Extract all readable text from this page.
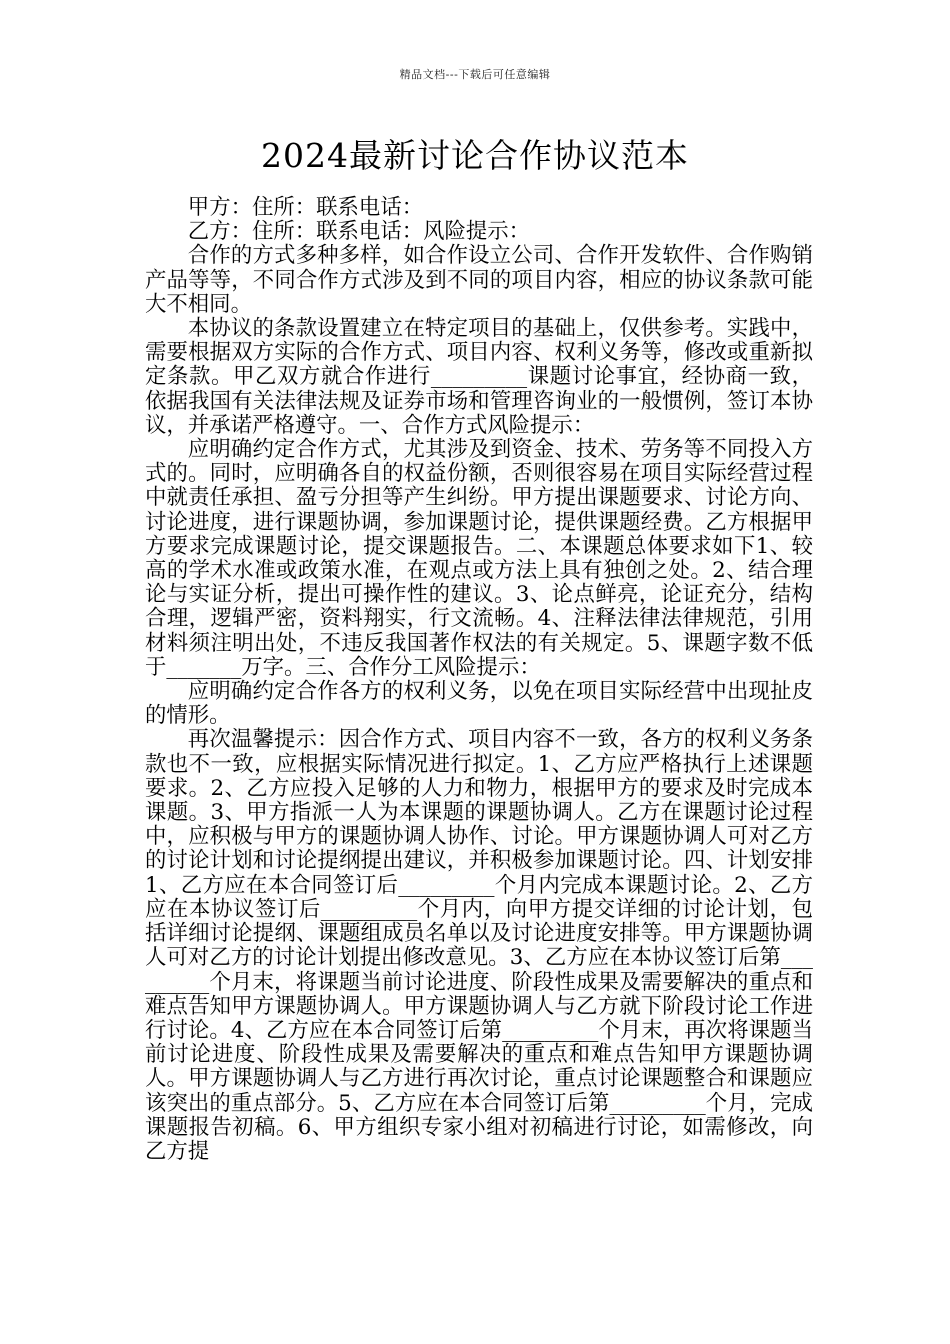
精品文档---下载后可任意编辑
2024最新讨论合作协议范本

甲方：住所：联系电话：

乙方：住所：联系电话：风险提示：

合作的方式多种多样，如合作设立公司、合作开发软件、合作购销产品等等，不同合作方式涉及到不同的项目内容，相应的协议条款可能大不相同。

本协议的条款设置建立在特定项目的基础上，仅供参考。实践中，需要根据双方实际的合作方式、项目内容、权利义务等，修改或重新拟定条款。甲乙双方就合作进行_________课题讨论事宜，经协商一致，依据我国有关法律法规及证券市场和管理咨询业的一般惯例，签订本协议，并承诺严格遵守。一、合作方式风险提示：

应明确约定合作方式，尤其涉及到资金、技术、劳务等不同投入方式的。同时，应明确各自的权益份额，否则很容易在项目实际经营过程中就责任承担、盈亏分担等产生纠纷。甲方提出课题要求、讨论方向、讨论进度，进行课题协调，参加课题讨论，提供课题经费。乙方根据甲方要求完成课题讨论，提交课题报告。二、本课题总体要求如下1、较高的学术水准或政策水准，在观点或方法上具有独创之处。2、结合理论与实证分析，提出可操作性的建议。3、论点鲜亮，论证充分，结构合理，逻辑严密，资料翔实，行文流畅。4、注释法律法律规范，引用材料须注明出处，不违反我国著作权法的有关规定。5、课题字数不低于_______万字。三、合作分工风险提示：

应明确约定合作各方的权利义务，以免在项目实际经营中出现扯皮的情形。

再次温馨提示：因合作方式、项目内容不一致，各方的权利义务条款也不一致，应根据实际情况进行拟定。1、乙方应严格执行上述课题要求。2、乙方应投入足够的人力和物力，根据甲方的要求及时完成本课题。3、甲方指派一人为本课题的课题协调人。乙方在课题讨论过程中，应积极与甲方的课题协调人协作、讨论。甲方课题协调人可对乙方的讨论计划和讨论提纲提出建议，并积极参加课题讨论。四、计划安排1、乙方应在本合同签订后_________个月内完成本课题讨论。2、乙方应在本协议签订后_________个月内，向甲方提交详细的讨论计划，包括详细讨论提纲、课题组成员名单以及讨论进度安排等。甲方课题协调人可对乙方的讨论计划提出修改意见。3、乙方应在本协议签订后第_________个月末，将课题当前讨论进度、阶段性成果及需要解决的重点和难点告知甲方课题协调人。甲方课题协调人与乙方就下阶段讨论工作进行讨论。4、乙方应在本合同签订后第_________个月末，再次将课题当前讨论进度、阶段性成果及需要解决的重点和难点告知甲方课题协调人。甲方课题协调人与乙方进行再次讨论，重点讨论课题整合和课题应该突出的重点部分。5、乙方应在本合同签订后第_________个月，完成课题报告初稿。6、甲方组织专家小组对初稿进行讨论，如需修改，向乙方提
